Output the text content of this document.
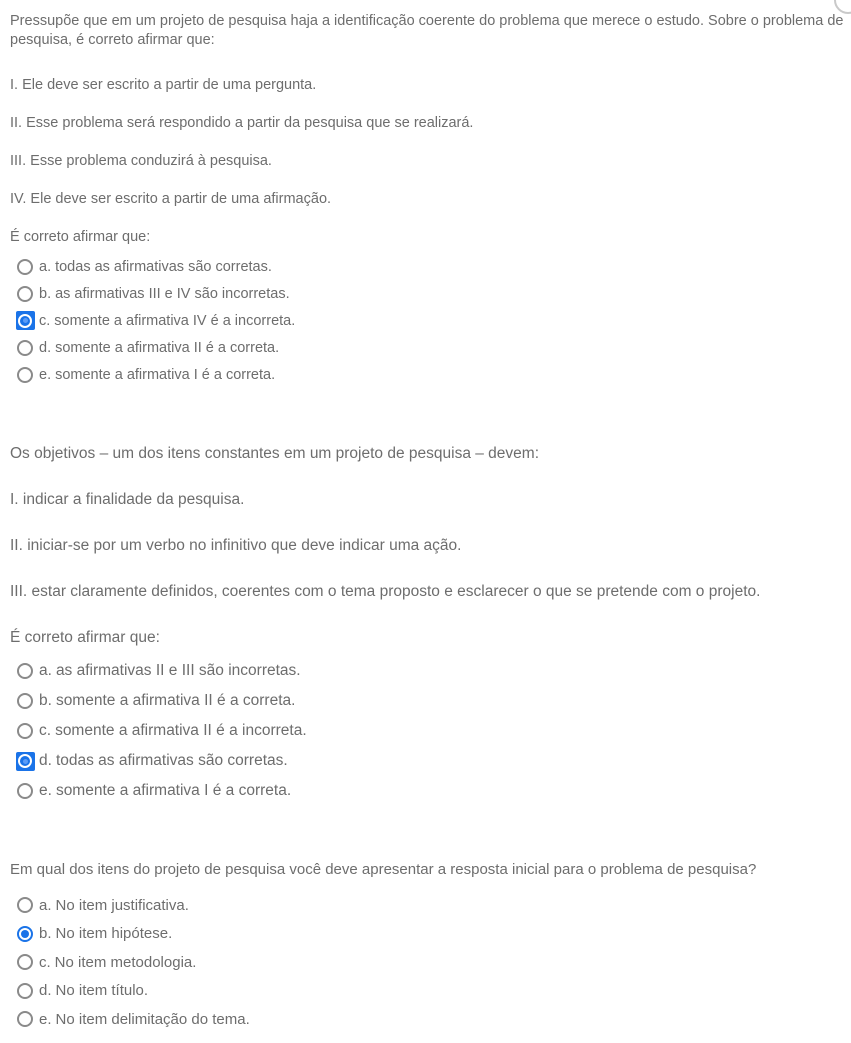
Pressupõe que em um projeto de pesquisa haja a identificação coerente do problema que merece o estudo. Sobre o problema de pesquisa, é correto afirmar que:

I. Ele deve ser escrito a partir de uma pergunta.

II. Esse problema será respondido a partir da pesquisa que se realizará.

III. Esse problema conduzirá à pesquisa.

IV. Ele deve ser escrito a partir de uma afirmação.

É correto afirmar que:

a. todas as afirmativas são corretas.
b. as afirmativas III e IV são incorretas.
c. somente a afirmativa IV é a incorreta.
d. somente a afirmativa II é a correta.
e. somente a afirmativa I é a correta.

Os objetivos – um dos itens constantes em um projeto de pesquisa – devem:

I. indicar a finalidade da pesquisa.

II. iniciar-se por um verbo no infinitivo que deve indicar uma ação.

III. estar claramente definidos, coerentes com o tema proposto e esclarecer o que se pretende com o projeto.

É correto afirmar que:

a. as afirmativas II e III são incorretas.
b. somente a afirmativa II é a correta.
c. somente a afirmativa II é a incorreta.
d. todas as afirmativas são corretas.
e. somente a afirmativa I é a correta.

Em qual dos itens do projeto de pesquisa você deve apresentar a resposta inicial para o problema de pesquisa?

a. No item justificativa.
b. No item hipótese.
c. No item metodologia.
d. No item título.
e. No item delimitação do tema.
